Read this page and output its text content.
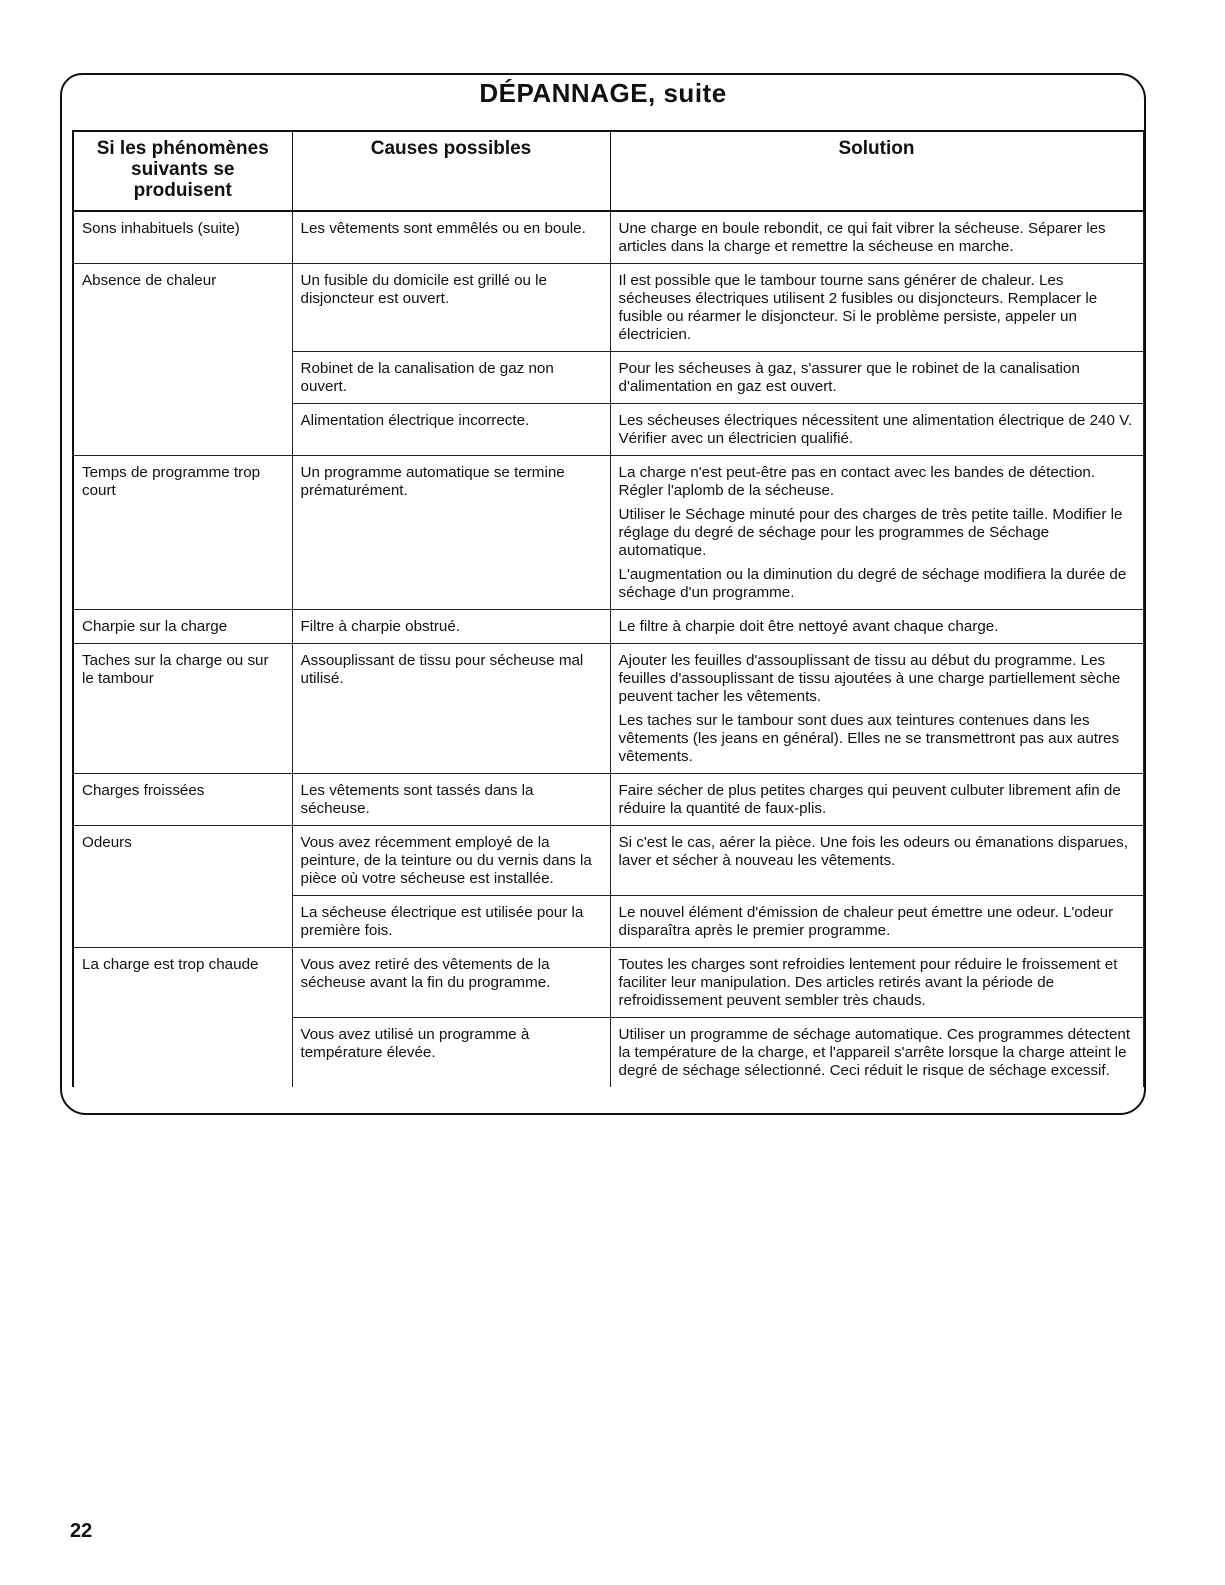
DÉPANNAGE, suite
Si les phénomènes suivants se produisent	Causes possibles	Solution
Sons inhabituels (suite)	Les vêtements sont emmêlés ou en boule.	Une charge en boule rebondit, ce qui fait vibrer la sécheuse. Séparer les articles dans la charge et remettre la sécheuse en marche.

Absence de chaleur	Un fusible du domicile est grillé ou le disjoncteur est ouvert.	Il est possible que le tambour tourne sans générer de chaleur. Les sécheuses électriques utilisent 2 fusibles ou disjoncteurs. Remplacer le fusible ou réarmer le disjoncteur. Si le problème persiste, appeler un électricien.

	Robinet de la canalisation de gaz non ouvert.	Pour les sécheuses à gaz, s'assurer que le robinet de la canalisation d'alimentation en gaz est ouvert.

	Alimentation électrique incorrecte.	Les sécheuses électriques nécessitent une alimentation électrique de 240 V. Vérifier avec un électricien qualifié.

Temps de programme trop court	Un programme automatique se termine prématurément.	La charge n'est peut-être pas en contact avec les bandes de détection. Régler l'aplomb de la sécheuse.

Utiliser le Séchage minuté pour des charges de très petite taille. Modifier le réglage du degré de séchage pour les programmes de Séchage automatique.

L'augmentation ou la diminution du degré de séchage modifiera la durée de séchage d'un programme.

Charpie sur la charge	Filtre à charpie obstrué.	Le filtre à charpie doit être nettoyé avant chaque charge.

Taches sur la charge ou sur le tambour	Assouplissant de tissu pour sécheuse mal utilisé.	Ajouter les feuilles d'assouplissant de tissu au début du programme. Les feuilles d'assouplissant de tissu ajoutées à une charge partiellement sèche peuvent tacher les vêtements.

Les taches sur le tambour sont dues aux teintures contenues dans les vêtements (les jeans en général). Elles ne se transmettront pas aux autres vêtements.

Charges froissées	Les vêtements sont tassés dans la sécheuse.	Faire sécher de plus petites charges qui peuvent culbuter librement afin de réduire la quantité de faux-plis.

Odeurs	Vous avez récemment employé de la peinture, de la teinture ou du vernis dans la pièce où votre sécheuse est installée.	Si c'est le cas, aérer la pièce. Une fois les odeurs ou émanations disparues, laver et sécher à nouveau les vêtements.

	La sécheuse électrique est utilisée pour la première fois.	Le nouvel élément d'émission de chaleur peut émettre une odeur. L'odeur disparaîtra après le premier programme.

La charge est trop chaude	Vous avez retiré des vêtements de la sécheuse avant la fin du programme.	Toutes les charges sont refroidies lentement pour réduire le froissement et faciliter leur manipulation. Des articles retirés avant la période de refroidissement peuvent sembler très chauds.

	Vous avez utilisé un programme à température élevée.	Utiliser un programme de séchage automatique. Ces programmes détectent la température de la charge, et l'appareil s'arrête lorsque la charge atteint le degré de séchage sélectionné. Ceci réduit le risque de séchage excessif.

22
